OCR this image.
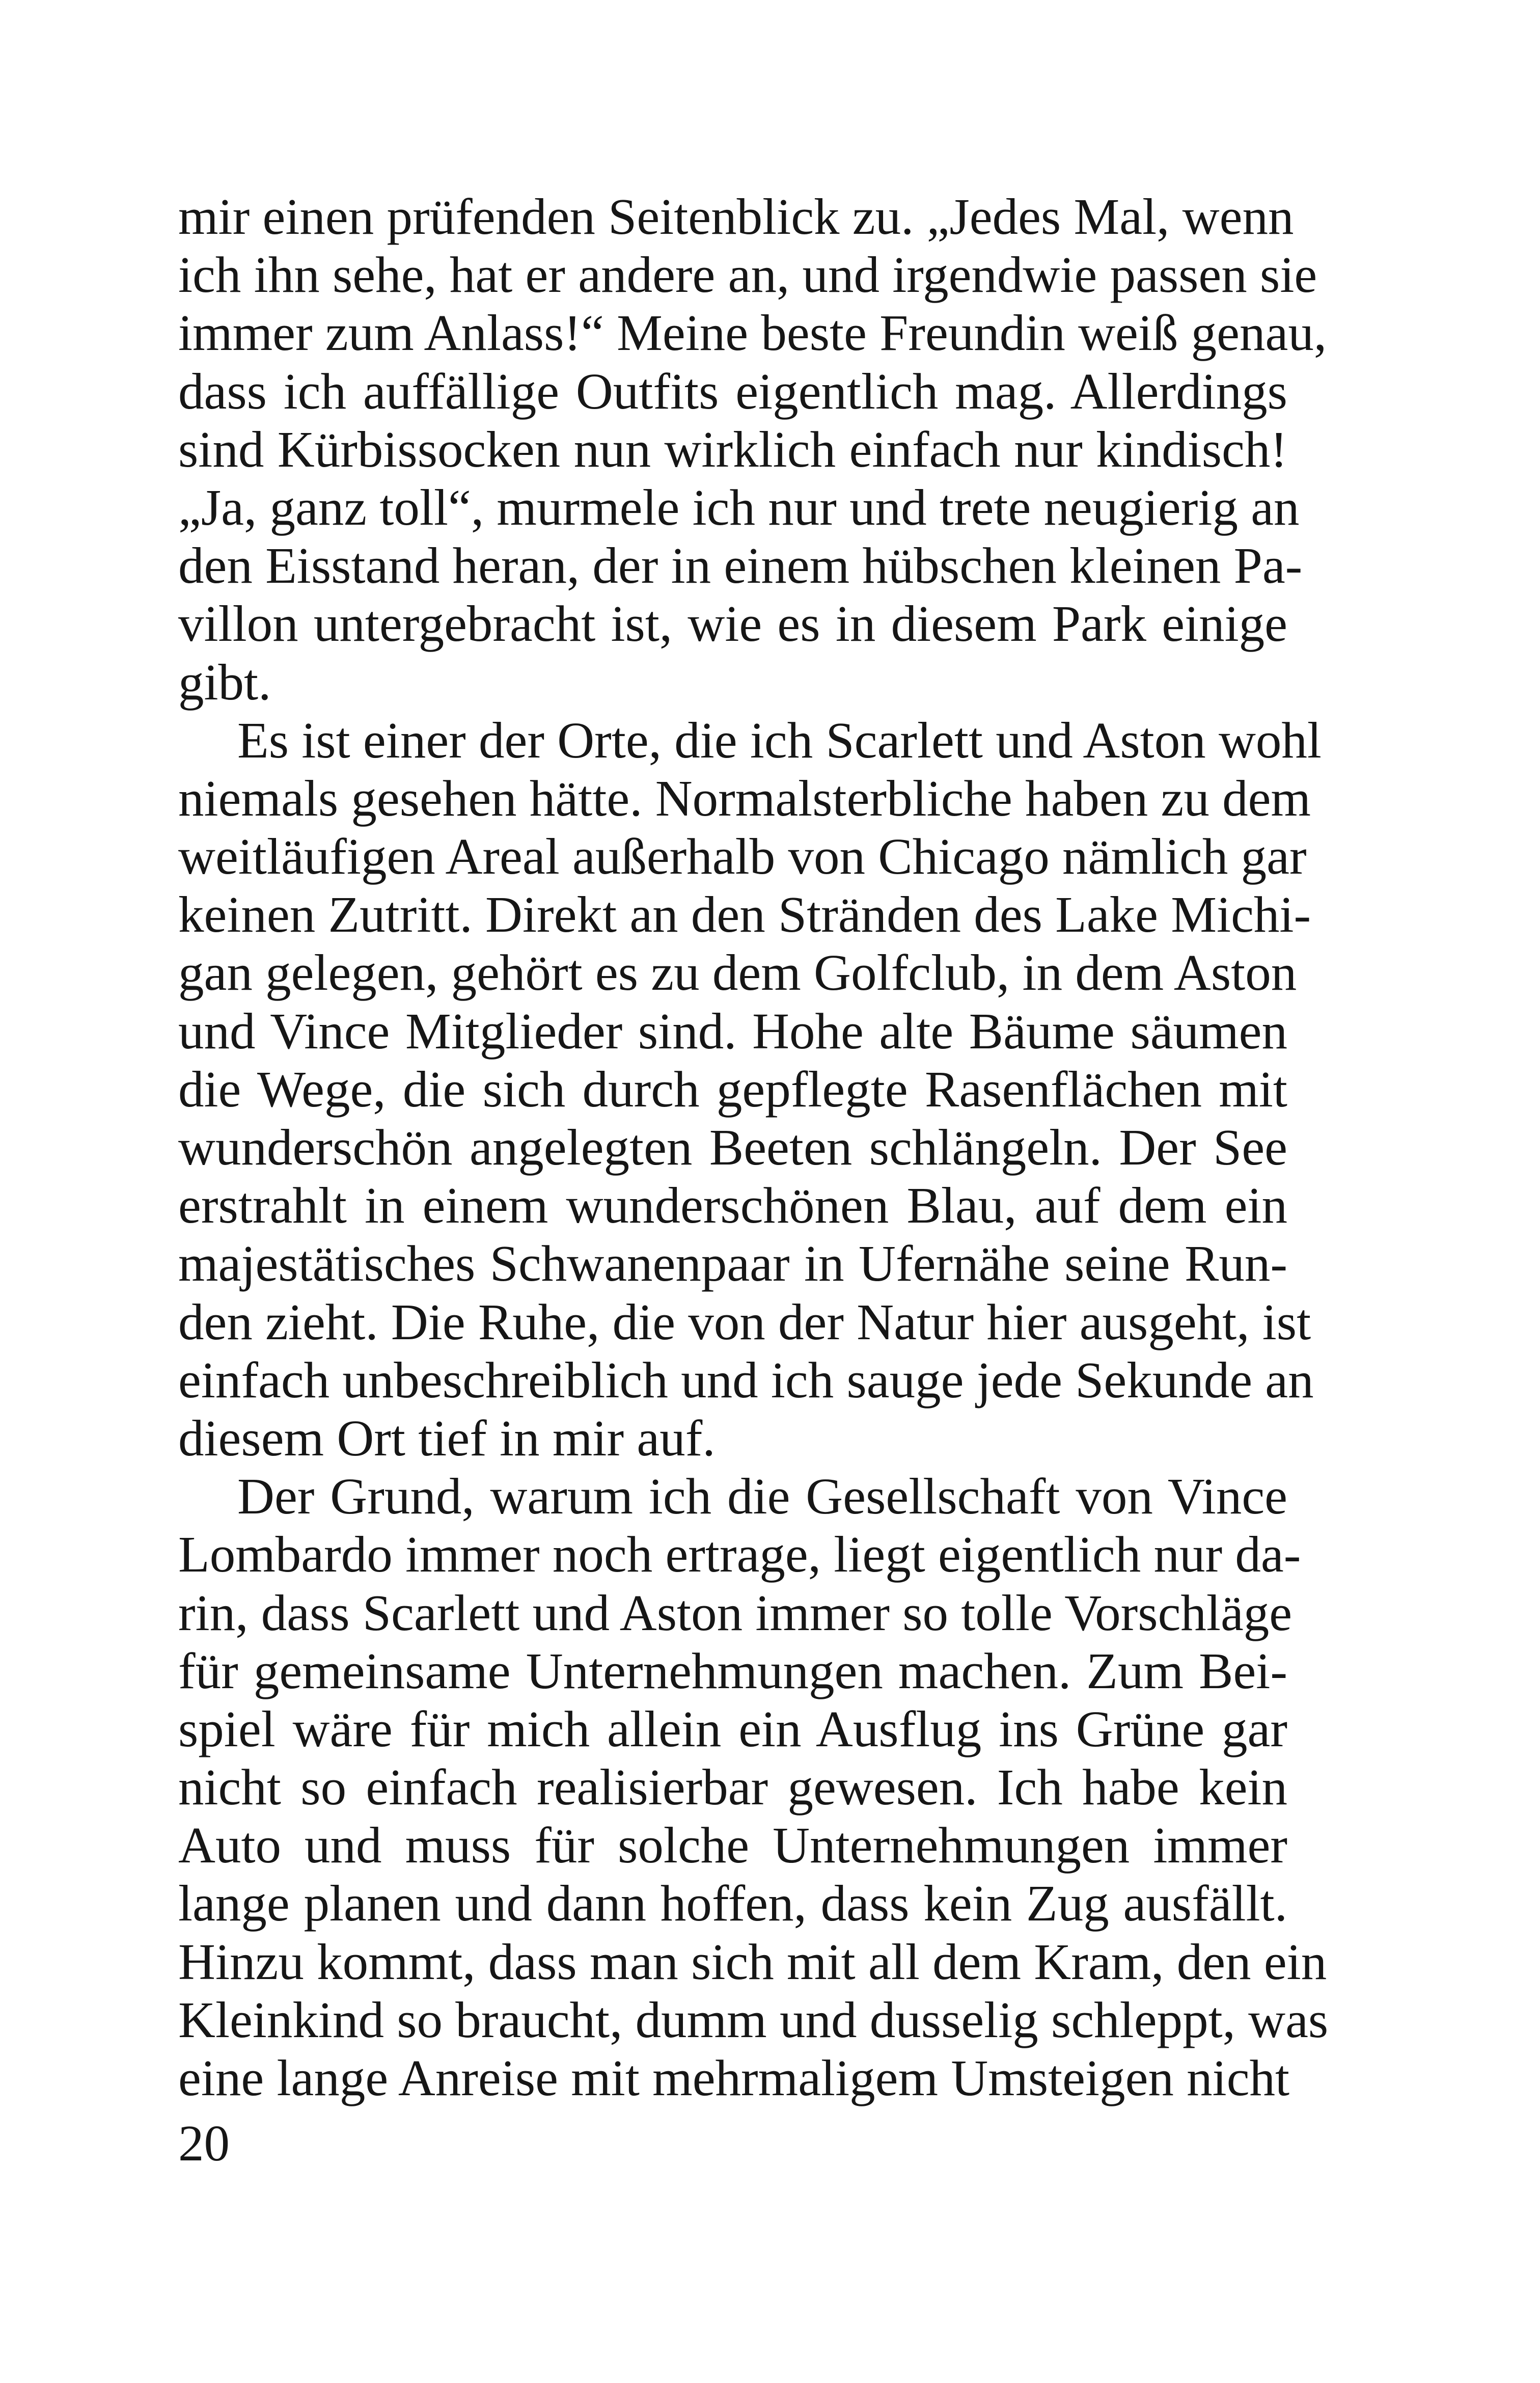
mir einen prüfenden Seitenblick zu. „Jedes Mal, wenn
ich ihn sehe, hat er andere an, und irgendwie passen sie
immer zum Anlass!“ Meine beste Freundin weiß genau,
dass ich auffällige Outfits eigentlich mag. Allerdings
sind Kürbissocken nun wirklich einfach nur kindisch!
„Ja, ganz toll“, murmele ich nur und trete neugierig an
den Eisstand heran, der in einem hübschen kleinen Pa-
villon untergebracht ist, wie es in diesem Park einige
gibt.
Es ist einer der Orte, die ich Scarlett und Aston wohl
niemals gesehen hätte. Normalsterbliche haben zu dem
weitläufigen Areal außerhalb von Chicago nämlich gar
keinen Zutritt. Direkt an den Stränden des Lake Michi-
gan gelegen, gehört es zu dem Golfclub, in dem Aston
und Vince Mitglieder sind. Hohe alte Bäume säumen
die Wege, die sich durch gepflegte Rasenflächen mit
wunderschön angelegten Beeten schlängeln. Der See
erstrahlt in einem wunderschönen Blau, auf dem ein
majestätisches Schwanenpaar in Ufernähe seine Run-
den zieht. Die Ruhe, die von der Natur hier ausgeht, ist
einfach unbeschreiblich und ich sauge jede Sekunde an
diesem Ort tief in mir auf.
Der Grund, warum ich die Gesellschaft von Vince
Lombardo immer noch ertrage, liegt eigentlich nur da-
rin, dass Scarlett und Aston immer so tolle Vorschläge
für gemeinsame Unternehmungen machen. Zum Bei-
spiel wäre für mich allein ein Ausflug ins Grüne gar
nicht so einfach realisierbar gewesen. Ich habe kein
Auto und muss für solche Unternehmungen immer
lange planen und dann hoffen, dass kein Zug ausfällt.
Hinzu kommt, dass man sich mit all dem Kram, den ein
Kleinkind so braucht, dumm und dusselig schleppt, was
eine lange Anreise mit mehrmaligem Umsteigen nicht
20
